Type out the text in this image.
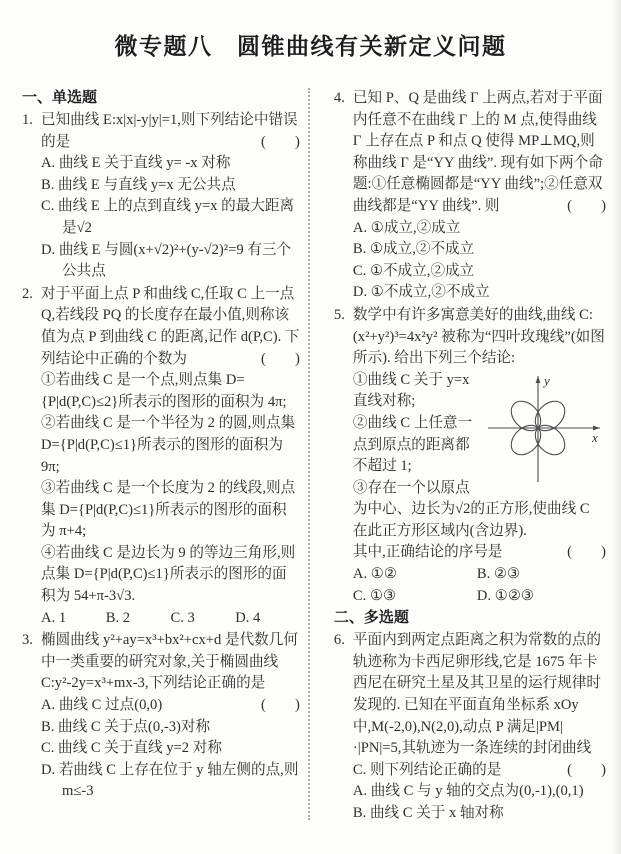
微专题八　圆锥曲线有关新定义问题
一、单选题
1. 已知曲线 E:x|x|-y|y|=1,则下列结论中错误的是	(　　)

A. 曲线 E 关于直线 y= -x 对称

B. 曲线 E 与直线 y=x 无公共点

C. 曲线 E 上的点到直线 y=x 的最大距离是√2

D. 曲线 E 与圆(x+√2)²+(y-√2)²=9 有三个公共点

2. 对于平面上点 P 和曲线 C,任取 C 上一点 Q,若线段 PQ 的长度存在最小值,则称该值为点 P 到曲线 C 的距离,记作 d(P,C). 下列结论中正确的个数为	(　　)

①若曲线 C 是一个点,则点集 D={P|d(P,C)≤2}所表示的图形的面积为 4π;

②若曲线 C 是一个半径为 2 的圆,则点集 D={P|d(P,C)≤1}所表示的图形的面积为 9π;

③若曲线 C 是一个长度为 2 的线段,则点集 D={P|d(P,C)≤1}所表示的图形的面积为 π+4;

④若曲线 C 是边长为 9 的等边三角形,则点集 D={P|d(P,C)≤1}所表示的图形的面积为 54+π-3√3.

A. 1	B. 2	C. 3	D. 4
3. 椭圆曲线 y²+ay=x³+bx²+cx+d 是代数几何中一类重要的研究对象,关于椭圆曲线 C:y²-2y=x³+mx-3,下列结论正确的是
(　　)

A. 曲线 C 过点(0,0)

B. 曲线 C 关于点(0,-3)对称

C. 曲线 C 关于直线 y=2 对称

D. 若曲线 C 上存在位于 y 轴左侧的点,则 m≤-3

4. 已知 P、Q 是曲线 Γ 上两点,若对于平面内任意不在曲线 Γ 上的 M 点,使得曲线 Γ 上存在点 P 和点 Q 使得 MP⊥MQ,则称曲线 Γ 是“YY 曲线”. 现有如下两个命题:①任意椭圆都是“YY 曲线”;②任意双曲线都是“YY 曲线”. 则	(　　)

A. ①成立,②成立

B. ①成立,②不成立

C. ①不成立,②成立

D. ①不成立,②不成立

5. 数学中有许多寓意美好的曲线,曲线 C:(x²+y²)³=4x²y² 被称为“四叶玫瑰线”(如图所示). 给出下列三个结论:

y
x

①曲线 C 关于 y=x 直线对称;

②曲线 C 上任意一点到原点的距离都不超过 1;

③存在一个以原点为中心、边长为√2的正方形,使曲线 C 在此正方形区域内(含边界).

其中,正确结论的序号是	(　　)

A. ①②	B. ②③
C. ①③	D. ①②③
二、多选题
6. 平面内到两定点距离之积为常数的点的轨迹称为卡西尼卵形线,它是 1675 年卡西尼在研究土星及其卫星的运行规律时发现的. 已知在平面直角坐标系 xOy 中,M(-2,0),N(2,0),动点 P 满足|PM|·|PN|=5,其轨迹为一条连续的封闭曲线 C. 则下列结论正确的是	(　　)

A. 曲线 C 与 y 轴的交点为(0,-1),(0,1)

B. 曲线 C 关于 x 轴对称
